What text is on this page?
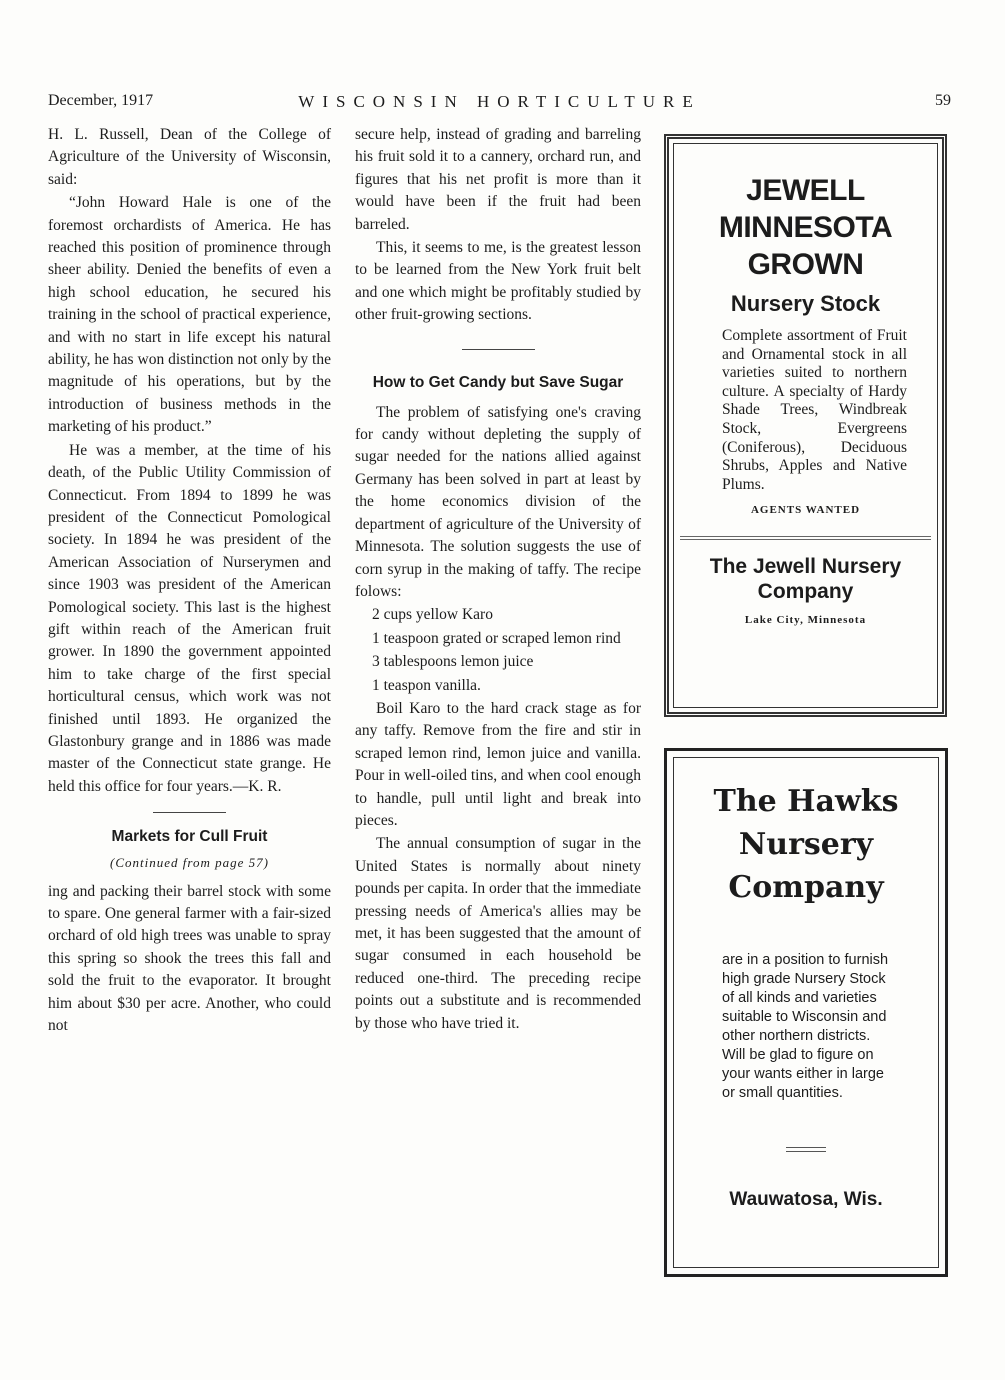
WISCONSIN HORTICULTURE
December, 1917	59

H. L. Russell, Dean of the College of Agriculture of the University of Wisconsin, said:

“John Howard Hale is one of the foremost orchardists of America. He has reached this position of prominence through sheer ability. Denied the benefits of even a high school education, he secured his training in the school of practical experience, and with no start in life except his natural ability, he has won distinction not only by the magnitude of his operations, but by the introduction of business methods in the marketing of his product.”

He was a member, at the time of his death, of the Public Utility Commission of Connecticut. From 1894 to 1899 he was president of the Connecticut Pomological society. In 1894 he was president of the American Association of Nurserymen and since 1903 was president of the American Pomological society. This last is the highest gift within reach of the American fruit grower. In 1890 the government appointed him to take charge of the first special horticultural census, which work was not finished until 1893. He organized the Glastonbury grange and in 1886 was made master of the Connecticut state grange. He held this office for four years.—K. R.

Markets for Cull Fruit
(Continued from page 57)

ing and packing their barrel stock with some to spare. One general farmer with a fair-sized orchard of old high trees was unable to spray this spring so shook the trees this fall and sold the fruit to the evaporator. It brought him about $30 per acre. Another, who could not

secure help, instead of grading and barreling his fruit sold it to a cannery, orchard run, and figures that his net profit is more than it would have been if the fruit had been barreled.

This, it seems to me, is the greatest lesson to be learned from the New York fruit belt and one which might be profitably studied by other fruit-growing sections.

How to Get Candy but Save Sugar

The problem of satisfying one's craving for candy without depleting the supply of sugar needed for the nations allied against Germany has been solved in part at least by the home economics division of the department of agriculture of the University of Minnesota. The solution suggests the use of corn syrup in the making of taffy. The recipe folows:

2 cups yellow Karo

1 teaspoon grated or scraped lemon rind

3 tablespoons lemon juice

1 teaspon vanilla.

Boil Karo to the hard crack stage as for any taffy. Remove from the fire and stir in scraped lemon rind, lemon juice and vanilla. Pour in well-oiled tins, and when cool enough to handle, pull until light and break into pieces.

The annual consumption of sugar in the United States is normally about ninety pounds per capita. In order that the immediate pressing needs of America's allies may be met, it has been suggested that the amount of sugar consumed in each household be reduced one-third. The preceding recipe points out a substitute and is recommended by those who have tried it.

JEWELL
MINNESOTA
GROWN
Nursery Stock
Complete assortment of Fruit and Ornamental stock in all varieties suited to northern culture. A specialty of Hardy Shade Trees, Windbreak Stock, Evergreens (Coniferous), Deciduous Shrubs, Apples and Native Plums.
AGENTS WANTED
The Jewell Nursery
Company
Lake City, Minnesota
The Hawks
Nursery
Company
are in a position to furnish high grade Nursery Stock of all kinds and varieties suitable to Wisconsin and other northern districts.
Will be glad to figure on your wants either in large or small quantities.
Wauwatosa, Wis.
